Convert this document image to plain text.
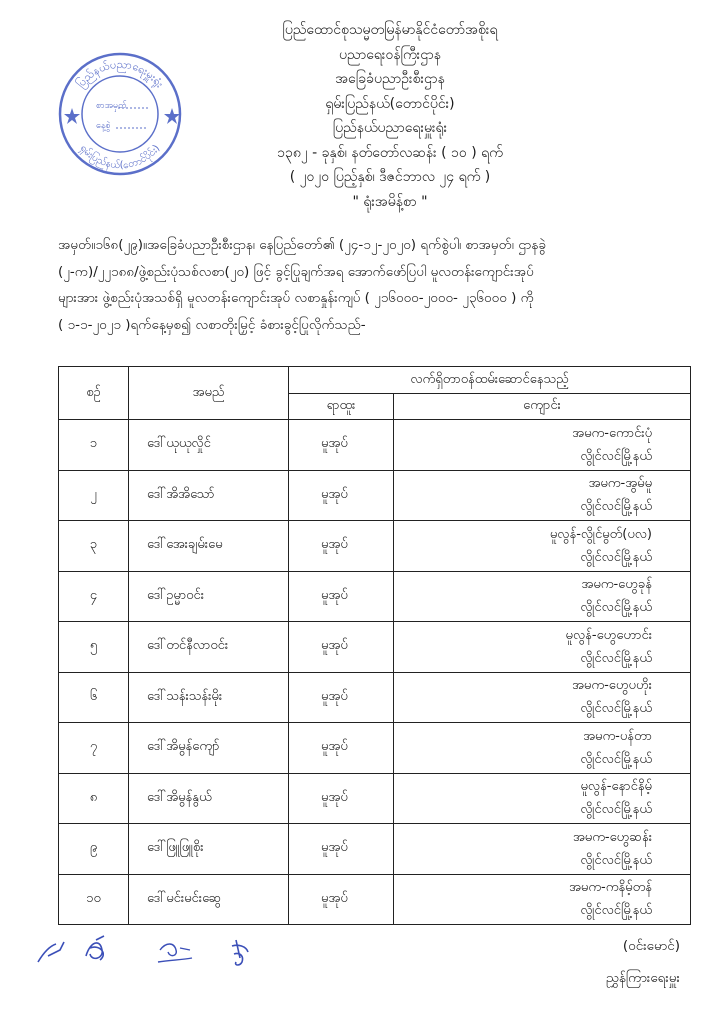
ပြည်နယ်ပညာရေးမှူးရုံး
ရှမ်းပြည်နယ်(တောင်ပိုင်း)
စာအမှတ်
နေ့စွဲ
ပြည်ထောင်စုသမ္မတမြန်မာနိုင်ငံတော်အစိုးရ
ပညာရေးဝန်ကြီးဌာန
အခြေခံပညာဦးစီးဌာန
ရှမ်းပြည်နယ်(တောင်ပိုင်း)
ပြည်နယ်ပညာရေးမှူးရုံး
၁၃၈၂ - ခုနှစ်၊ နတ်တော်လဆန်း ( ၁၀ ) ရက်
( ၂၀၂၀ ပြည့်နှစ်၊ ဒီဇင်ဘာလ ၂၄ ရက် )
" ရုံးအမိန့်စာ "
အမှတ်။၁၆၈(၂၉)။အခြေခံပညာဦးစီးဌာန၊ နေပြည်တော်၏ (၂၄-၁၂-၂၀၂၀) ရက်စွဲပါ၊ စာအမှတ်၊ ဌာနခွဲ
(၂-က)/၂၂၁၈၈/ဖွဲ့စည်းပုံသစ်လစာ(၂၀) ဖြင့် ခွင့်ပြုချက်အရ အောက်ဖော်ပြပါ မူလတန်းကျောင်းအုပ်
များအား ဖွဲ့စည်းပုံအသစ်ရှိ မူလတန်းကျောင်းအုပ် လစာနှုန်းကျပ် ( ၂၁၆၀၀၀-၂၀၀၀- ၂၃၆၀၀၀ ) ကို
( ၁-၁-၂၀၂၁ )ရက်နေ့မှစ၍ လစာတိုးမြှင့် ခံစားခွင့်ပြုလိုက်သည်-
စဉ်	အမည်	လက်ရှိတာဝန်ထမ်းဆောင်နေသည့်	
		ရာထူး	ကျောင်း
၁	ဒေါ်ယုယုလှိုင်	မူအုပ်	အမက-ကောင်းပုံ
လွိုင်လင်မြို့နယ်

၂	ဒေါ်အိအိသော်	မူအုပ်	အမက-အွမ်မူ
လွိုင်လင်မြို့နယ်

၃	ဒေါ်အေးချမ်းမေ	မူအုပ်	မူလွန်-လွိုင်မွတ်(ပလ)
လွိုင်လင်မြို့နယ်

၄	ဒေါ်ဥမ္မာဝင်း	မူအုပ်	အမက-ဟွေခုန်
လွိုင်လင်မြို့နယ်

၅	ဒေါ်တင်နီလာဝင်း	မူအုပ်	မူလွန်-ဟွေဟောင်း
လွိုင်လင်မြို့နယ်

၆	ဒေါ်သန်းသန်းမိုး	မူအုပ်	အမက-ဟွေပဟိုး
လွိုင်လင်မြို့နယ်

၇	ဒေါ်အိမွန်ကျော်	မူအုပ်	အမက-ပန်တာ
လွိုင်လင်မြို့နယ်

၈	ဒေါ်အိမွန်နွယ်	မူအုပ်	မူလွန်-နောင်နိမ့်
လွိုင်လင်မြို့နယ်

၉	ဒေါ်ဖြူဖြူစိုး	မူအုပ်	အမက-ဟွေဆန်း
လွိုင်လင်မြို့နယ်

၁၀	ဒေါ်မင်းမင်းဆွေ	မူအုပ်	အမက-ကနိမ့်တန်
လွိုင်လင်မြို့နယ်
(ဝင်းမောင်)
ညွှန်ကြားရေးမှူး
